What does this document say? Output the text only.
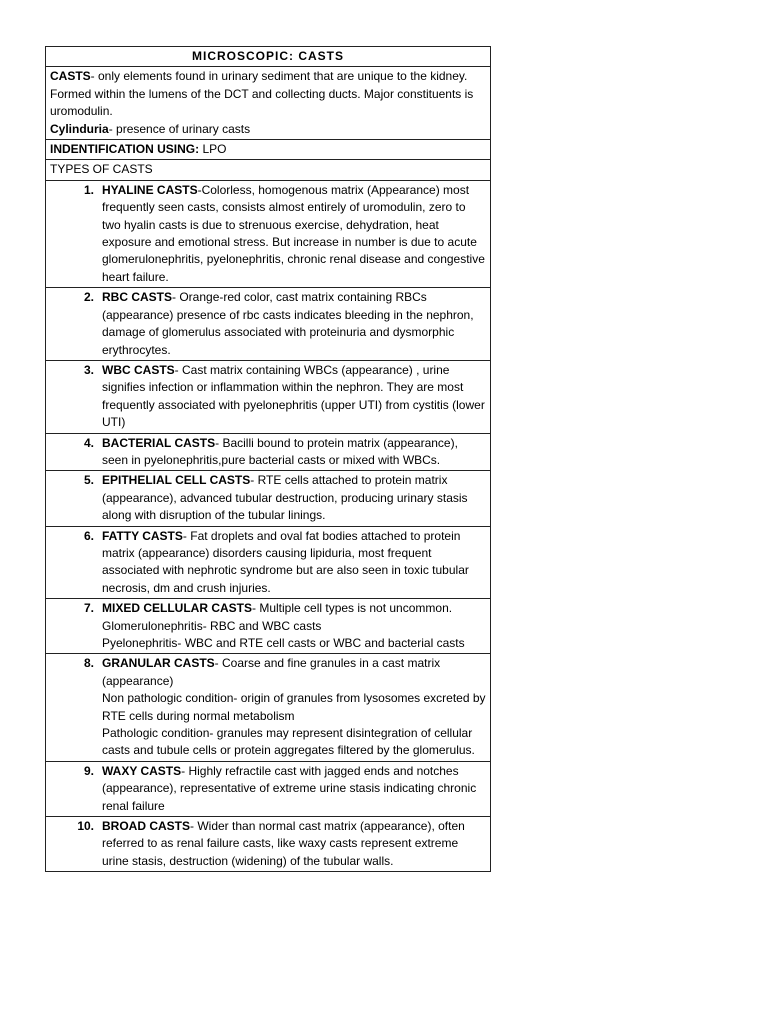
MICROSCOPIC: CASTS
CASTS- only elements found in urinary sediment that are unique to the kidney. Formed within the lumens of the DCT and collecting ducts. Major constituents is uromodulin.
Cylinduria- presence of urinary casts
INDENTIFICATION USING: LPO
TYPES OF CASTS

1. HYALINE CASTS-Colorless, homogenous matrix (Appearance) most frequently seen casts, consists almost entirely of uromodulin, zero to two hyalin casts is due to strenuous exercise, dehydration, heat exposure and emotional stress. But increase in number is due to acute glomerulonephritis, pyelonephritis, chronic renal disease and congestive heart failure.

2. RBC CASTS- Orange-red color, cast matrix containing RBCs (appearance) presence of rbc casts indicates bleeding in the nephron, damage of glomerulus associated with proteinuria and dysmorphic erythrocytes.

3. WBC CASTS- Cast matrix containing WBCs (appearance) , urine signifies infection or inflammation within the nephron. They are most frequently associated with pyelonephritis (upper UTI) from cystitis (lower UTI)

4. BACTERIAL CASTS- Bacilli bound to protein matrix (appearance), seen in pyelonephritis,pure bacterial casts or mixed with WBCs.

5. EPITHELIAL CELL CASTS- RTE cells attached to protein matrix (appearance), advanced tubular destruction, producing urinary stasis along with disruption of the tubular linings.

6. FATTY CASTS- Fat droplets and oval fat bodies attached to protein matrix (appearance) disorders causing lipiduria, most frequent associated with nephrotic syndrome but are also seen in toxic tubular necrosis, dm and crush injuries.

7. MIXED CELLULAR CASTS- Multiple cell types is not uncommon.
Glomerulonephritis- RBC and WBC casts
Pyelonephritis- WBC and RTE cell casts or WBC and bacterial casts

8. GRANULAR CASTS- Coarse and fine granules in a cast matrix (appearance)
Non pathologic condition- origin of granules from lysosomes excreted by RTE cells during normal metabolism
Pathologic condition- granules may represent disintegration of cellular casts and tubule cells or protein aggregates filtered by the glomerulus.

9. WAXY CASTS- Highly refractile cast with jagged ends and notches (appearance), representative of extreme urine stasis indicating chronic renal failure

10. BROAD CASTS- Wider than normal cast matrix (appearance), often referred to as renal failure casts, like waxy casts represent extreme urine stasis, destruction (widening) of the tubular walls.
